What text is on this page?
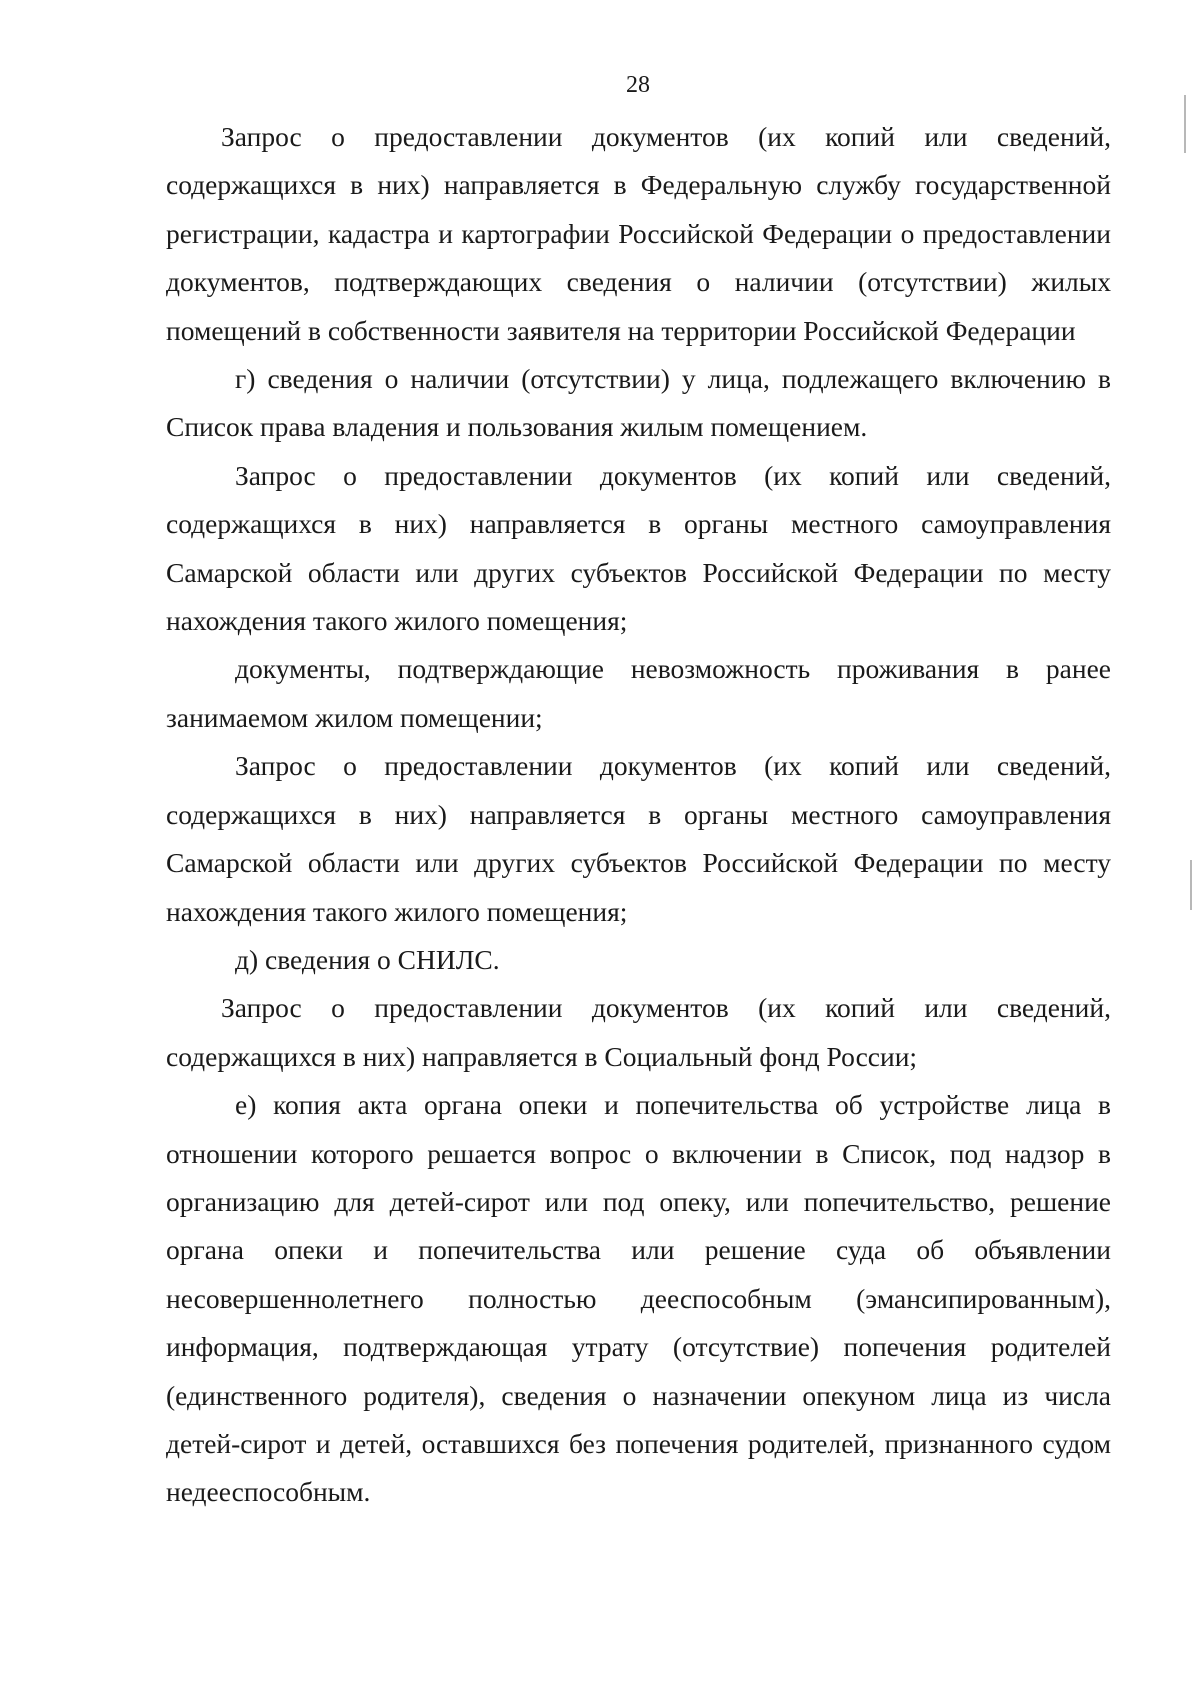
28

Запрос о предоставлении документов (их копий или сведений, содержащихся в них) направляется в Федеральную службу государственной регистрации, кадастра и картографии Российской Федерации о предоставлении документов, подтверждающих сведения о наличии (отсутствии) жилых помещений в собственности заявителя на территории Российской Федерации

г) сведения о наличии (отсутствии) у лица, подлежащего включению в Список права владения и пользования жилым помещением.

Запрос о предоставлении документов (их копий или сведений, содержащихся в них) направляется в органы местного самоуправления Самарской области или других субъектов Российской Федерации по месту нахождения такого жилого помещения;

документы, подтверждающие невозможность проживания в ранее занимаемом жилом помещении;

Запрос о предоставлении документов (их копий или сведений, содержащихся в них) направляется в органы местного самоуправления Самарской области или других субъектов Российской Федерации по месту нахождения такого жилого помещения;

д) сведения о СНИЛС.

Запрос о предоставлении документов (их копий или сведений, содержащихся в них) направляется в Социальный фонд России;

е) копия акта органа опеки и попечительства об устройстве лица в отношении которого решается вопрос о включении в Список, под надзор в организацию для детей-сирот или под опеку, или попечительство, решение органа опеки и попечительства или решение суда об объявлении несовершеннолетнего полностью дееспособным (эмансипированным), информация, подтверждающая утрату (отсутствие) попечения родителей (единственного родителя), сведения о назначении опекуном лица из числа детей-сирот и детей, оставшихся без попечения родителей, признанного судом недееспособным.
